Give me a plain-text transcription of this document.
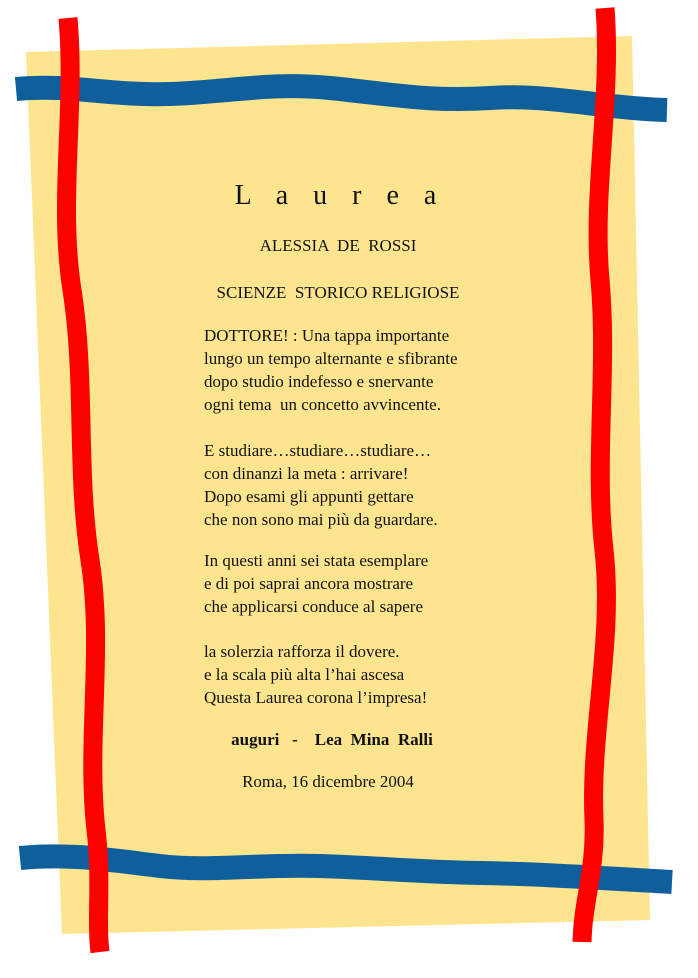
L a u r e a
ALESSIA  DE  ROSSI
SCIENZE  STORICO RELIGIOSE
DOTTORE! : Una tappa importante
lungo un tempo alternante e sfibrante
dopo studio indefesso e snervante
ogni tema  un concetto avvincente.
E studiare…studiare…studiare…
con dinanzi la meta : arrivare!
Dopo esami gli appunti gettare
che non sono mai più da guardare.
In questi anni sei stata esemplare
e di poi saprai ancora mostrare
che applicarsi conduce al sapere
la solerzia rafforza il dovere.
e la scala più alta l’hai ascesa
Questa Laurea corona l’impresa!
auguri   -    Lea  Mina  Ralli
Roma, 16 dicembre 2004
